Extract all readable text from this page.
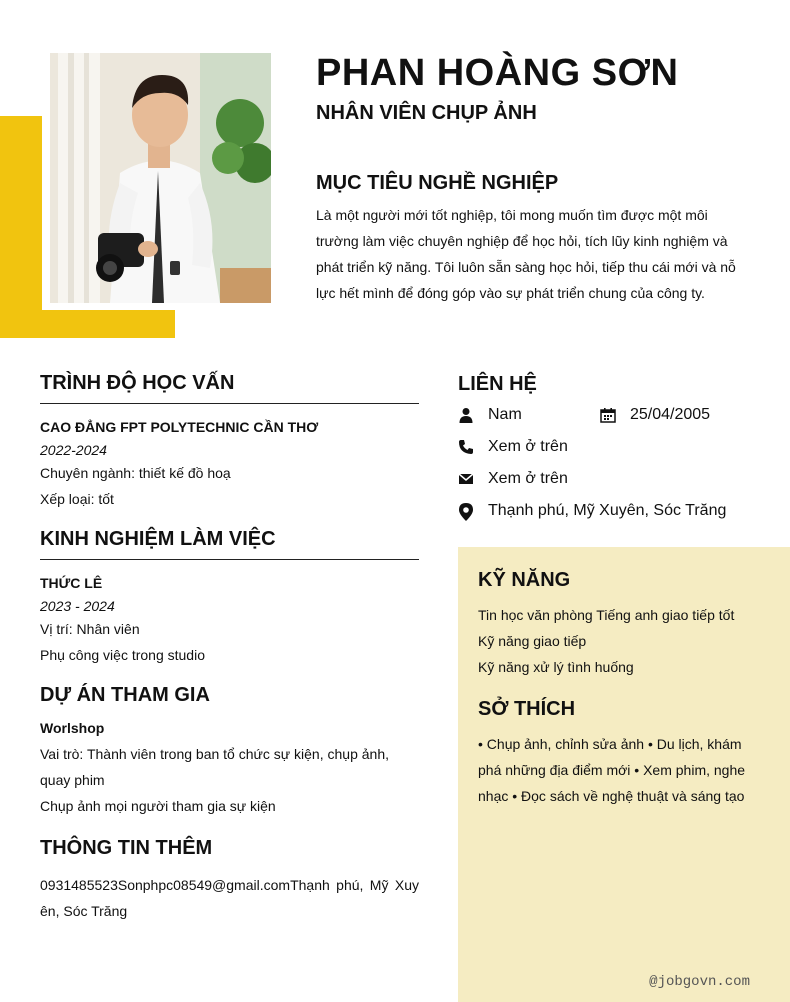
PHAN HOÀNG SƠN
NHÂN VIÊN CHỤP ẢNH
MỤC TIÊU NGHỀ NGHIỆP

Là một người mới tốt nghiệp, tôi mong muốn tìm được một môi trường làm việc chuyên nghiệp để học hỏi, tích lũy kinh nghiệm và phát triển kỹ năng. Tôi luôn sẵn sàng học hỏi, tiếp thu cái mới và nỗ lực hết mình để đóng góp vào sự phát triển chung của công ty.

TRÌNH ĐỘ HỌC VẤN

CAO ĐẲNG FPT POLYTECHNIC CẦN THƠ

2022-2024

Chuyên ngành: thiết kế đồ hoạ

Xếp loại: tốt

KINH NGHIỆM LÀM VIỆC

THỨC LÊ

2023 - 2024

Vị trí: Nhân viên

Phụ công việc trong studio

DỰ ÁN THAM GIA

Worlshop

Vai trò: Thành viên trong ban tổ chức sự kiện, chụp ảnh, quay phim

Chụp ảnh mọi người tham gia sự kiện

THÔNG TIN THÊM

0931485523Sonphpc08549@gmail.comThạnh phú, Mỹ Xuyên, Sóc Trăng

LIÊN HỆ
Nam	25/04/2005
Xem ở trên
Xem ở trên
Thạnh phú, Mỹ Xuyên, Sóc Trăng
KỸ NĂNG

Tin học văn phòng Tiếng anh giao tiếp tốt

Kỹ năng giao tiếp

Kỹ năng xử lý tình huống

SỞ THÍCH

• Chụp ảnh, chỉnh sửa ảnh • Du lịch, khám phá những địa điểm mới • Xem phim, nghe nhạc • Đọc sách về nghệ thuật và sáng tạo

@jobgovn.com
